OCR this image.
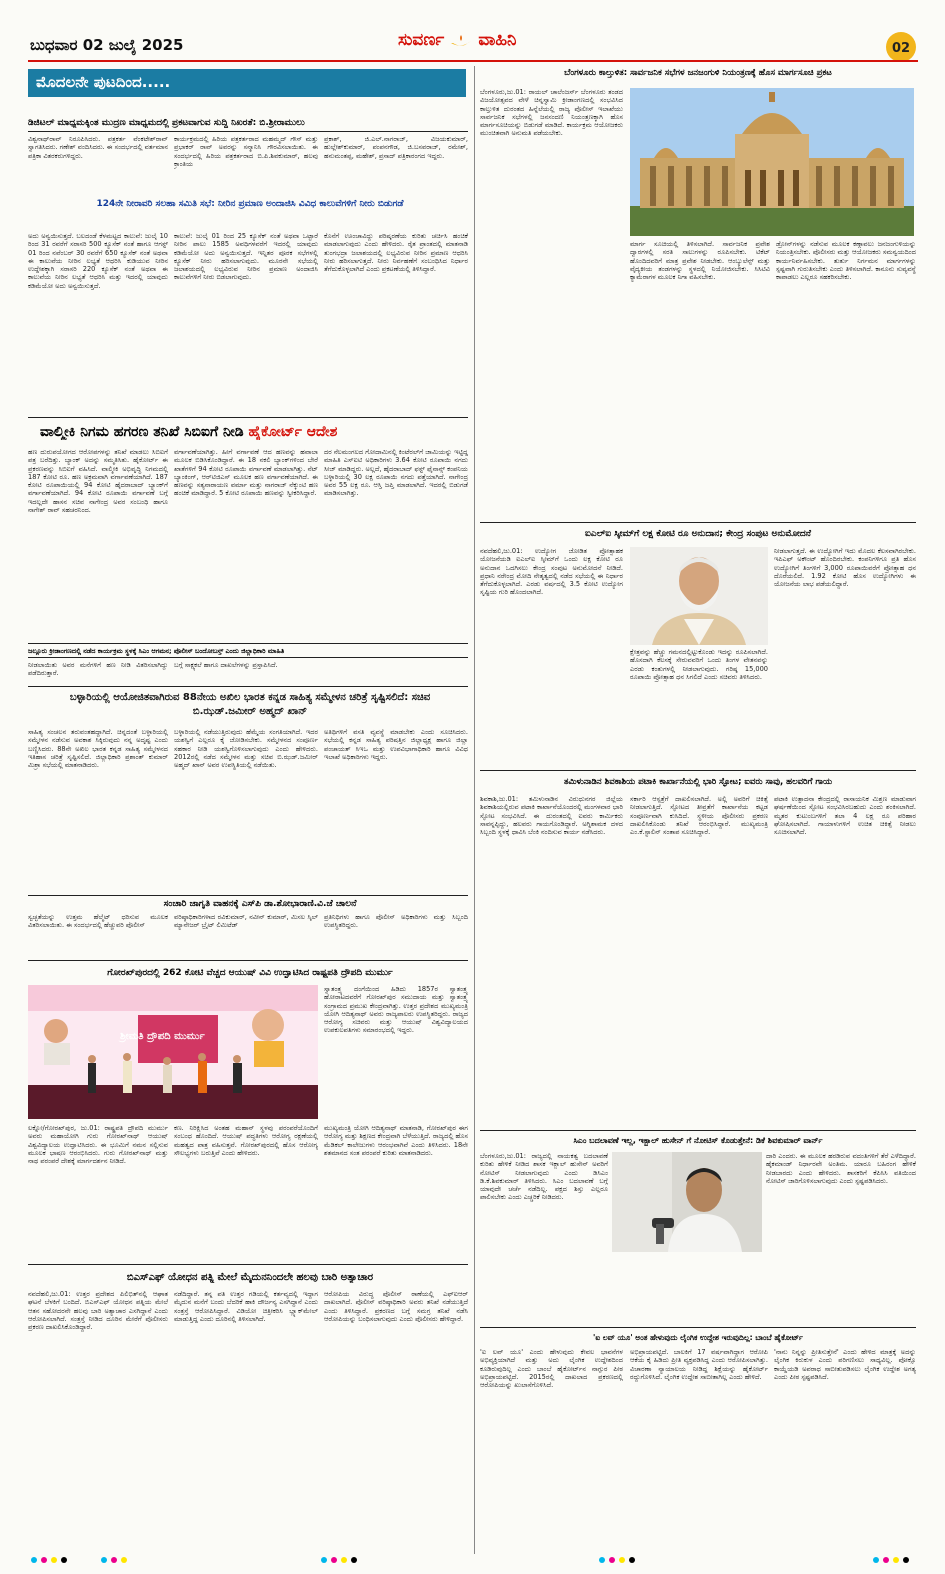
ಬುಧವಾರ 02 ಜುಲೈ 2025	ಸುವರ್ಣ ವಾಹಿನಿ	02
ಮೊದಲನೇ ಪುಟದಿಂದ.....
ಡಿಜಿಟಲ್ ಮಾಧ್ಯಮಕ್ಕಿಂತ ಮುದ್ರಣ ಮಾಧ್ಯಮದಲ್ಲಿ ಪ್ರಕಟವಾಗುವ ಸುದ್ದಿ ನಿಖರತೆ: ಬಿ.ಶ್ರೀರಾಮುಲು
ವಿಶ್ವನಾಥ್‌ರಾವ್ ನಿರೂಪಿಸಿದರು. ಪತ್ರಕರ್ತ ವೆಂಕಟೇಶ್‌ರಾವ್ ಸ್ವಾಗತಿಸಿದರು. ಗಣೇಶ್ ವಂದಿಸಿದರು. ಈ ಸಂದರ್ಭದಲ್ಲಿ ವರ್ತಮಾನ ಪತ್ರಿಕಾ ವಿತರಕರುಗಳಿದ್ದರು.
ಕಾರ್ಯಕ್ರಮದಲ್ಲಿ ಹಿರಿಯ ಪತ್ರಕರ್ತರಾದ ಮಹಮ್ಮದ್ ಗೌಸ್ ಮತ್ತು ಪ್ರಭಾಕರ್ ರಾವ್ ಅವರನ್ನು ಸನ್ಮಾನಿಸಿ ಗೌರವಿಸಲಾಯಿತು. ಈ ಸಂದರ್ಭದಲ್ಲಿ ಹಿರಿಯ ಪತ್ರಕರ್ತರಾದ ಬಿ.ಪಿ.ಶಿವಕುಮಾರ್, ಹಲವು ಕ್ರಾಂತಿಯ
ಪ್ರಕಾಶ್, ಜಿ.ಎಲ್.ನಾಗರಾಜ್, ವಿಜಯಕುಮಾರ್, ಹುಲ್ಲೇಶ್‌ಕುಮಾರ್, ಪಂಪನಗೌಡ, ಜಿ.ಬಸವರಾಜ್, ರಮೇಶ್, ಹನುಮಂತಪ್ಪ, ಮಹೇಶ್, ಪ್ರಸಾದ್ ಪತ್ರಿಕಾರಂಗದ ಇದ್ದರು.
124ನೇ ನೀರಾವರಿ ಸಲಹಾ ಸಮಿತಿ ಸಭೆ: ನೀರಿನ ಪ್ರಮಾಣ ಅಂದಾಜಿಸಿ ವಿವಿಧ ಕಾಲುವೆಗಳಿಗೆ ನೀರು ಬಿಡುಗಡೆ
ಅದು ಅನ್ವಯಿಸುತ್ತದೆ. ಬಲದಂಡೆ ಕೆಳಮಟ್ಟದ ಕಾಲುವೆ: ಜುಲೈ 10 ರಿಂದ 31 ರವರೆಗೆ ಸರಾಸರಿ 500 ಕ್ಯೂಸೆಕ್ ನಂತೆ ಹಾಗೂ ಆಗಸ್ಟ್ 01 ರಿಂದ ನವೆಂಬರ್ 30 ರವರೆಗೆ 650 ಕ್ಯೂಸೆಕ್ ನಂತೆ ಅಥವಾ ಈ ಕಾಲುವೆಯ ನೀರಿನ ಲಭ್ಯತೆ ಆಧರಿಸಿ ಕುಡಿಯುವ ನೀರಿನ ಉದ್ದೇಶಕ್ಕಾಗಿ ಸರಾಸರಿ 220 ಕ್ಯೂಸೆಕ್ ನಂತೆ ಅಥವಾ ಈ ಕಾಲುವೆಯ ನೀರಿನ ಲಭ್ಯತೆ ಆಧರಿಸಿ ಮತ್ತು ಇದರಲ್ಲಿ ಯಾವುದು ಕಡಿಮೆಯೋ ಅದು ಅನ್ವಯಿಸುತ್ತದೆ.
ಕಾಲುವೆ: ಜುಲೈ 01 ರಿಂದ 25 ಕ್ಯೂಸೆಕ್ ನಂತೆ ಅಥವಾ ಒಟ್ಟಾರೆ ನೀರಿನ ಪಾಲು 1585 ಅವಧಿಗಳವರೆಗೆ ಇದರಲ್ಲಿ ಯಾವುದು ಕಡಿಮೆಯೋ ಅದು ಅನ್ವಯಿಸುತ್ತದೆ. ಇನ್ನಿತರ ಪೂರಕ ಸಭೆಗಳಲ್ಲಿ ಕ್ಯೂಸೆಕ್ ನೀರು ಹರಿಸಲಾಗುವುದು. ಮೂರನೇ ಸಭೆಯಲ್ಲಿ ಜಲಾಶಯದಲ್ಲಿ ಲಭ್ಯವಿರುವ ನೀರಿನ ಪ್ರಮಾಣ ಅಂದಾಜಿಸಿ ಕಾಲುವೆಗಳಿಗೆ ನೀರು ಬಿಡಲಾಗುವುದು.
ಕೊನೆಗೆ ಊಂಚಾವಿದ್ದು ಪರಿಷ್ಕರಣೆಯ ಕುರಿತು ಚರ್ಚಿಸಿ ಹಂಚಿಕೆ ಮಾಡಲಾಗುವುದು ಎಂದು ಹೇಳಿದರು. ರೈತ ಪ್ರಾಂತದಲ್ಲಿ ಮಾತನಾಡಿ ತುಂಗಭದ್ರಾ ಜಲಾಶಯದಲ್ಲಿ ಲಭ್ಯವಿರುವ ನೀರಿನ ಪ್ರಮಾಣ ಆಧರಿಸಿ ನೀರು ಹರಿಸಲಾಗುತ್ತದೆ. ನೀರು ನಿರ್ವಹಣೆಗೆ ಸಂಬಂಧಿಸಿದ ನಿರ್ಧಾರ ತೆಗೆದುಕೊಳ್ಳಲಾಗಿದೆ ಎಂದು ಪ್ರಕಟಣೆಯಲ್ಲಿ ತಿಳಿಸಿದ್ದಾರೆ.
ವಾಲ್ಮೀಕಿ ನಿಗಮ ಹಗರಣ ತನಿಖೆ ಸಿಬಿಐಗೆ ನೀಡಿ ಹೈಕೋರ್ಟ್ ಆದೇಶ
ಹಣ ದುರುಪಯೋಗದ ಆರೋಪಗಳನ್ನು ತನಿಖೆ ಮಾಡಲು ಸಿಬಿಐಗೆ ಪತ್ರ ಬರೆದಿತ್ತು. ಬ್ಯಾಂಕ್ ಅದನ್ನು ಸಮ್ಮತಿಸಿತು. ಹೈಕೋರ್ಟ್ ಈ ಪ್ರಕರಣವನ್ನು ಸಿಬಿಐಗೆ ವಹಿಸಿದೆ. ವಾಲ್ಮೀಕಿ ಅಭಿವೃದ್ಧಿ ನಿಗಮದಲ್ಲಿ 187 ಕೋಟಿ ರೂ. ಹಣ ಅಕ್ರಮವಾಗಿ ವರ್ಗಾವಣೆಯಾಗಿದೆ. 187 ಕೋಟಿ ರೂಪಾಯಿಯಲ್ಲಿ 94 ಕೋಟಿ ಹೈದರಾಬಾದ್ ಬ್ಯಾಂಕ್‌ಗೆ ವರ್ಗಾವಣೆಯಾಗಿದೆ. 94 ಕೋಟಿ ರೂಪಾಯಿ ವರ್ಗಾವಣೆ ಬಗ್ಗೆ ಇದಲ್ಲದೇ ಹಾಸನ ಸಚಿವ ನಾಗೇಂದ್ರ ಅವರ ಸಂಬಂಧಿ ಹಾಗೂ ನಾಗೇಶ್ ರಾವ್ ಸಹಚರನಿಂದ.
ವರ್ಗಾವಣೆಯಾಗಿತ್ತು. ಹೀಗೆ ವರ್ಗಾವಣೆ ಆದ ಹಣವನ್ನು ಹವಾಲಾ ಮೂಲಕ ಬಿಡಿಸಿಕೊಂಡಿದ್ದಾರೆ. ಈ 18 ನಕಲಿ ಬ್ಯಾಂಕ್‌ಗಳಿಂದ ಬೇರೆ ಖಾತೆಗಳಿಗೆ 94 ಕೋಟಿ ರೂಪಾಯಿ ವರ್ಗಾವಣೆ ಮಾಡಲಾಗಿತ್ತು. ನೆಟ್ ಬ್ಯಾಂಕಿಂಗ್, ಆರ್‌ಟಿಜಿಎಸ್ ಮೂಲಕ ಹಣ ವರ್ಗಾವಣೆಯಾಗಿದೆ. ಈ ಹಣವನ್ನು ಸತ್ಯನಾರಾಯಣ ವರ್ಮಾ ಮತ್ತು ನಾಗರಾಜ್ ನೆಕ್ಕುಂಟಿ ಹಣ ಹಂಚಿಕೆ ಮಾಡಿದ್ದಾರೆ. 5 ಕೋಟಿ ರೂಪಾಯಿ ಹಣವನ್ನು ಸ್ವೀಕರಿಸಿದ್ದಾರೆ.
ದರ ನೆಲಮಂಗಲದ ಗೋದಾಮಿನಲ್ಲಿ ಕಿಂಟೆರಲ್‌ಗೆ ಜಾಮಿಯನ್ನು ಇಟ್ಟಿದ್ದ ಮಾಹಿತಿ ಎಸ್‌ಐಟಿ ಅಧಿಕಾರಿಗಳು 3.64 ಕೋಟಿ ರೂಪಾಯಿ ನಗದು ಸೀಜ್ ಮಾಡಿದ್ದರು. ಅಲ್ಲದೆ, ಹೈದರಾಬಾದ್ ಫಸ್ಟ್ ಫೈನಾನ್ಸ್ ಕಂಪನಿಯ ಬಳ್ಳಾರಿಯಲ್ಲಿ 30 ಲಕ್ಷ ರೂಪಾಯಿ ನಗದು ಪತ್ತೆಯಾಗಿದೆ. ನಾಗೇಂದ್ರ ಅವರ 55 ಲಕ್ಷ ರೂ. ಆಸ್ತಿ ಜಪ್ತಿ ಮಾಡಲಾಗಿದೆ. ಇದರಲ್ಲಿ ಬಿಡುಗಡೆ ಮಾಡಿಸಲಾಗಿತ್ತು.
ಜಲ್ಲೂರು ಕ್ರೀಡಾಂಗಣದಲ್ಲಿ ನಡೆದ ಕಾರ್ಯಕ್ರಮ ಸ್ಥಳಕ್ಕೆ ಸಿಎಂ ಆಗಮನ; ಪೊಲೀಸ್ ಬಂದೋಬಸ್ತ್ ಎಂದು ಜಿಲ್ಲಾಧಿಕಾರಿ ಮಾಹಿತಿ
ನೀಡಲಾಯಿತು ಅವರ ಮನೆಗಳಿಗೆ ಹಣ ನೀಡಿ ವಿತರಿಸಲಾಗಿದ್ದು ಪಡೆದಿರುತ್ತಾರೆ.
ಬಗ್ಗೆ ಸಾಕ್ಷ್ಯಕಲೆ ಹಾಗೂ ದಾಖಲೆಗಳನ್ನು ಪ್ರಸ್ತಾಪಿಸಿದೆ.
ಬಳ್ಳಾರಿಯಲ್ಲಿ ಆಯೋಜಿತವಾಗಿರುವ 88ನೇಯ ಅಖಿಲ ಭಾರತ ಕನ್ನಡ ಸಾಹಿತ್ಯ ಸಮ್ಮೇಳನ ಚರಿತ್ರೆ ಸೃಷ್ಟಿಸಲಿದೆ: ಸಚಿವ ಬಿ.ಝಡ್.ಜಮೀರ್ ಅಹ್ಮದ್ ಖಾನ್
ಸಾಹಿತ್ಯ ಸಂಚಲನ ತರುವಂತಹದ್ದಾಗಿದೆ. ಚಿನ್ನದಂತೆ ಬಳ್ಳಾರಿಯಲ್ಲಿ ಸಮ್ಮೇಳನ ನಡೆಸುವ ಅವಕಾಶ ಸಿಕ್ಕಿರುವುದು ನನ್ನ ಅದೃಷ್ಟ ಎಂದು ಬಣ್ಣಿಸಿದರು. 88ನೇ ಅಖಿಲ ಭಾರತ ಕನ್ನಡ ಸಾಹಿತ್ಯ ಸಮ್ಮೇಳನದ ಇತಿಹಾಸ ಚರಿತ್ರೆ ಸೃಷ್ಟಿಸಲಿದೆ. ಜಿಲ್ಲಾಧಿಕಾರಿ ಪ್ರಶಾಂತ್ ಕುಮಾರ್ ಮಿಶ್ರಾ ಸಭೆಯಲ್ಲಿ ಮಾತನಾಡಿದರು.
ಬಳ್ಳಾರಿಯಲ್ಲಿ ನಡೆಯುತ್ತಿರುವುದು ಹೆಮ್ಮೆಯ ಸಂಗತಿಯಾಗಿದೆ. ಇದರ ಯಶಸ್ವಿಗೆ ಎಲ್ಲರೂ ಕೈ ಜೋಡಿಸಬೇಕು. ಸಮ್ಮೇಳನದ ಸಂಪೂರ್ಣ ಸಹಕಾರ ನೀಡಿ ಯಶಸ್ವಿಗೊಳಿಸಲಾಗುವುದು ಎಂದು ಹೇಳಿದರು. 2012ರಲ್ಲಿ ನಡೆದ ಸಮ್ಮೇಳನ ಮತ್ತು ಸಚಿವ ಬಿ.ಝಡ್.ಜಮೀರ್ ಅಹ್ಮದ್ ಖಾನ್ ಅವರ ಉಪಸ್ಥಿತಿಯಲ್ಲಿ ನಡೆಯಿತು.
ಅತಿಥಿಗಳಿಗೆ ವಸತಿ ವ್ಯವಸ್ಥೆ ಮಾಡಬೇಕು ಎಂದು ಸೂಚಿಸಿದರು. ಸಭೆಯಲ್ಲಿ ಕನ್ನಡ ಸಾಹಿತ್ಯ ಪರಿಷತ್ತಿನ ಜಿಲ್ಲಾಧ್ಯಕ್ಷ ಹಾಗೂ ಜಿಲ್ಲಾ ಪಂಚಾಯತ್ ಸಿಇಒ ಮತ್ತು ಉಪವಿಭಾಗಾಧಿಕಾರಿ ಹಾಗೂ ವಿವಿಧ ಇಲಾಖೆ ಅಧಿಕಾರಿಗಳು ಇದ್ದರು.
ಸಂಚಾರಿ ಜಾಗೃತಿ ವಾಹನಕ್ಕೆ ಎಸ್‌ಪಿ ಡಾ.ಶೋಭಾರಾಣಿ.ವಿ.ಜೆ ಚಾಲನೆ
ಸ್ವಚ್ಛತೆಯನ್ನು ಉತ್ತಮ ಹೆಲ್ಮೆಟ್ ಧರಿಸುವ ಮೂಲಕ ವಿತರಿಸಲಾಯಿತು. ಈ ಸಂದರ್ಭದಲ್ಲಿ ಹೆಚ್ಚುವರಿ ಪೊಲೀಸ್
ವರಿಷ್ಠಾಧಿಕಾರಿಗಳಾದ ರವಿಕುಮಾರ್, ನವೀನ್ ಕುಮಾರ್, ಮಿಸಲ ಸ್ಕಿಲ್ ಮ್ಯಾನೇಜರ್ ಬ್ರೈಟ್ ಲಿಮಿಟೆಡ್
ಪ್ರತಿನಿಧಿಗಳು ಹಾಗೂ ಪೊಲೀಸ್ ಅಧಿಕಾರಿಗಳು ಮತ್ತು ಸಿಬ್ಬಂದಿ ಉಪಸ್ಥಿತರಿದ್ದರು.
ಗೋರಖ್‌ಪುರದಲ್ಲಿ 262 ಕೋಟಿ ವೆಚ್ಚದ ಆಯುಷ್ ವಿವಿ ಉದ್ಘಾಟಿಸಿದ ರಾಷ್ಟ್ರಪತಿ ದ್ರೌಪದಿ ಮುರ್ಮು
ಶ್ರೀಮತಿ ದ್ರೌಪದಿ ಮುರ್ಮು
ಸ್ವಾತಂತ್ರ್ಯ ದಂಗೆಯಿಂದ ಹಿಡಿದು 1857ರ ಸ್ವಾತಂತ್ರ್ಯ ಹೋರಾಟದವರೆಗೆ ಗೋರಖ್‌ಪುರ ಸಮುದಾಯ ಮತ್ತು ಸ್ವಾತಂತ್ರ್ಯ ಸಂಗ್ರಾಮದ ಪ್ರಮುಖ ಕೇಂದ್ರವಾಗಿತ್ತು. ಉತ್ತರ ಪ್ರದೇಶದ ಮುಖ್ಯಮಂತ್ರಿ ಯೋಗಿ ಆದಿತ್ಯನಾಥ್ ಅವರು ರಾಜ್ಯಪಾಲರು ಉಪಸ್ಥಿತರಿದ್ದರು. ರಾಜ್ಯದ ಆರೋಗ್ಯ ಸಚಿವರು ಮತ್ತು ಆಯುಷ್ ವಿಶ್ವವಿದ್ಯಾಲಯದ ಉಪಕುಲಪತಿಗಳು ಸಮಾರಂಭದಲ್ಲಿ ಇದ್ದರು.
ಲಕ್ನೋ/ಗೋರಖ್‌ಪುರ, ಜು.01: ರಾಷ್ಟ್ರಪತಿ ದ್ರೌಪದಿ ಮುರ್ಮು ಅವರು ಮಹಾಯೋಗಿ ಗುರು ಗೋರಖ್‌ನಾಥ್ ಆಯುಷ್ ವಿಶ್ವವಿದ್ಯಾಲಯ ಉದ್ಘಾಟಿಸಿದರು. ಈ ಭೂಮಿಗೆ ನಮನ ಸಲ್ಲಿಸುವ ಮೂಲಕ ಭಾಷಣ ಆರಂಭಿಸಿದರು. ಗುರು ಗೋರಖ್‌ನಾಥ್ ಮತ್ತು ನಾಥ ಪರಂಪರೆ ದೇಶಕ್ಕೆ ಮಾರ್ಗದರ್ಶನ ನೀಡಿದೆ.
ಕಣ. ನಿರಿಕ್ಷಿಸಿದ ಅಂತಹ ಮಹಾನ್ ಸ್ಥಳವು ಪರಂಪರೆಯೊಂದಿಗೆ ಸಂಬಂಧ ಹೊಂದಿದೆ. ಆಯುಷ್ ಪದ್ಧತಿಗಳು ಆರೋಗ್ಯ ರಕ್ಷಣೆಯಲ್ಲಿ ಮಹತ್ವದ ಪಾತ್ರ ವಹಿಸುತ್ತವೆ. ಗೋರಖ್‌ಪುರದಲ್ಲಿ ಹೊಸ ಆರೋಗ್ಯ ಸೌಲಭ್ಯಗಳು ಬರುತ್ತಿವೆ ಎಂದು ಹೇಳಿದರು.
ಮುಖ್ಯಮಂತ್ರಿ ಯೋಗಿ ಆದಿತ್ಯನಾಥ್ ಮಾತನಾಡಿ, ಗೋರಖ್‌ಪುರ ಈಗ ಆರೋಗ್ಯ ಮತ್ತು ಶಿಕ್ಷಣದ ಕೇಂದ್ರವಾಗಿ ಬೆಳೆಯುತ್ತಿದೆ. ರಾಜ್ಯದಲ್ಲಿ ಹೊಸ ಮೆಡಿಕಲ್ ಕಾಲೇಜುಗಳು ಆರಂಭವಾಗಿವೆ ಎಂದು ತಿಳಿಸಿದರು. 18ನೇ ಶತಮಾನದ ಸಂತ ಪರಂಪರೆ ಕುರಿತು ಮಾತನಾಡಿದರು.
ಬಿಎಸ್‌ಎಫ್ ಯೋಧನ ಪತ್ನಿ ಮೇಲೆ ಮೈದುನನಿಂದಲೇ ಹಲವು ಬಾರಿ ಅತ್ಯಾಚಾರ
ನವದೆಹಲಿ,ಜು.01: ಉತ್ತರ ಪ್ರದೇಶದ ಪಿಲಿಭಿತ್‌ನಲ್ಲಿ ಆಘಾತ ಘಟನೆ ಬೆಳಕಿಗೆ ಬಂದಿದೆ. ಬಿಎಸ್‌ಎಫ್ ಯೋಧನ ಪತ್ನಿಯ ಮೇಲೆ ಆತನ ಸಹೋದರನೇ ಹಲವು ಬಾರಿ ಅತ್ಯಾಚಾರ ಎಸಗಿದ್ದಾನೆ ಎಂದು ಆರೋಪಿಸಲಾಗಿದೆ. ಸಂತ್ರಸ್ತೆ ನೀಡಿದ ದೂರಿನ ಮೇರೆಗೆ ಪೊಲೀಸರು ಪ್ರಕರಣ ದಾಖಲಿಸಿಕೊಂಡಿದ್ದಾರೆ.
ನಡೆದಿದ್ದಾರೆ. ತನ್ನ ಪತಿ ಉತ್ತರ ಗಡಿಯಲ್ಲಿ ಕರ್ತವ್ಯದಲ್ಲಿ ಇದ್ದಾಗ ಮೈದುನ ಮನೆಗೆ ಬಂದು ಬೆದರಿಕೆ ಹಾಕಿ ದೌರ್ಜನ್ಯ ಎಸಗಿದ್ದಾನೆ ಎಂದು ಸಂತ್ರಸ್ತೆ ಆರೋಪಿಸಿದ್ದಾರೆ. ವಿಡಿಯೋ ಚಿತ್ರೀಕರಿಸಿ ಬ್ಲ್ಯಾಕ್‌ಮೇಲ್ ಮಾಡುತ್ತಿದ್ದ ಎಂದು ದೂರಿನಲ್ಲಿ ತಿಳಿಸಲಾಗಿದೆ.
ಆರೋಪಿಯ ವಿರುದ್ಧ ಪೊಲೀಸ್ ಠಾಣೆಯಲ್ಲಿ ಎಫ್‌ಐಆರ್ ದಾಖಲಾಗಿದೆ. ಪೊಲೀಸ್ ವರಿಷ್ಠಾಧಿಕಾರಿ ಅವರು ತನಿಖೆ ನಡೆಯುತ್ತಿದೆ ಎಂದು ತಿಳಿಸಿದ್ದಾರೆ. ಪ್ರಕರಣದ ಬಗ್ಗೆ ಸಮಗ್ರ ತನಿಖೆ ನಡೆಸಿ ಆರೋಪಿಯನ್ನು ಬಂಧಿಸಲಾಗುವುದು ಎಂದು ಪೊಲೀಸರು ಹೇಳಿದ್ದಾರೆ.
ಬೆಂಗಳೂರು ಕಾಲ್ತುಳಿತ: ಸಾರ್ವಜನಿಕ ಸಭೆಗಳ ಜನಜಂಗುಳಿ ನಿಯಂತ್ರಣಕ್ಕೆ ಹೊಸ ಮಾರ್ಗಸೂಚಿ ಪ್ರಕಟ
ಬೆಂಗಳೂರು,ಜು.01: ರಾಯಲ್ ಚಾಲೆಂಜರ್ಸ್ ಬೆಂಗಳೂರು ತಂಡದ ವಿಜಯೋತ್ಸವದ ವೇಳೆ ಚಿನ್ನಸ್ವಾಮಿ ಕ್ರೀಡಾಂಗಣದಲ್ಲಿ ಸಂಭವಿಸಿದ ಕಾಲ್ತುಳಿತ ದುರಂತದ ಹಿನ್ನೆಲೆಯಲ್ಲಿ ರಾಜ್ಯ ಪೊಲೀಸ್ ಇಲಾಖೆಯು ಸಾರ್ವಜನಿಕ ಸಭೆಗಳಲ್ಲಿ ಜನಸಂದಣಿ ನಿಯಂತ್ರಣಕ್ಕಾಗಿ ಹೊಸ ಮಾರ್ಗಸೂಚಿಯನ್ನು ಬಿಡುಗಡೆ ಮಾಡಿದೆ. ಕಾರ್ಯಕ್ರಮ ಆಯೋಜಕರು ಮುಂಚಿತವಾಗಿ ಅನುಮತಿ ಪಡೆಯಬೇಕು.
ಮಾರ್ಗ ಸೂಚಿಯಲ್ಲಿ ತಿಳಿಸಲಾಗಿದೆ. ಸಾರ್ವಜನಿಕ ಪ್ರವೇಶ ದ್ವಾರಗಳಲ್ಲಿ ಸರತಿ ಸಾಲುಗಳನ್ನು ರೂಪಿಸಬೇಕು. ಟಿಕೆಟ್ ಹೊಂದಿದವರಿಗೆ ಮಾತ್ರ ಪ್ರವೇಶ ನೀಡಬೇಕು. ಆಂಬ್ಯುಲೆನ್ಸ್ ಮತ್ತು ವೈದ್ಯಕೀಯ ತಂಡಗಳನ್ನು ಸ್ಥಳದಲ್ಲಿ ನಿಯೋಜಿಸಬೇಕು. ಸಿಸಿಟಿವಿ ಕ್ಯಾಮೆರಾಗಳ ಮೂಲಕ ನಿಗಾ ವಹಿಸಬೇಕು.
ಡ್ರೋನ್‌ಗಳನ್ನು ನಡೆಸುವ ಮೂಲಕ ಕಣ್ಗಾವಲು ಜನಜಂಗುಳಿಯನ್ನು ನಿಯಂತ್ರಿಸಬೇಕು. ಪೊಲೀಸರು ಮತ್ತು ಆಯೋಜಕರು ಸಮನ್ವಯದಿಂದ ಕಾರ್ಯನಿರ್ವಹಿಸಬೇಕು. ತುರ್ತು ನಿರ್ಗಮನ ಮಾರ್ಗಗಳನ್ನು ಸ್ಪಷ್ಟವಾಗಿ ಗುರುತಿಸಬೇಕು ಎಂದು ತಿಳಿಸಲಾಗಿದೆ. ಕಾನೂನು ಸುವ್ಯವಸ್ಥೆ ಕಾಪಾಡಲು ಎಲ್ಲರೂ ಸಹಕರಿಸಬೇಕು.
ಐಎಲ್‌ಐ ಸ್ಕೀಮ್‌ಗೆ ಲಕ್ಷ ಕೋಟಿ ರೂ ಅನುದಾನ; ಕೇಂದ್ರ ಸಂಪುಟ ಅನುಮೋದನೆ
ನವದೆಹಲಿ,ಜು.01: ಉದ್ಯೋಗ ಜೋಡಿತ ಪ್ರೋತ್ಸಾಹಕ ಯೋಜನೆಯಡಿ ಐಎಲ್‌ಐ ಸ್ಕೀಮ್‌ಗೆ ಒಂದು ಲಕ್ಷ ಕೋಟಿ ರೂ ಅನುದಾನ ಒದಗಿಸಲು ಕೇಂದ್ರ ಸಂಪುಟ ಅನುಮೋದನೆ ನೀಡಿದೆ. ಪ್ರಧಾನಿ ನರೇಂದ್ರ ಮೋದಿ ನೇತೃತ್ವದಲ್ಲಿ ನಡೆದ ಸಭೆಯಲ್ಲಿ ಈ ನಿರ್ಧಾರ ತೆಗೆದುಕೊಳ್ಳಲಾಗಿದೆ. ಎರಡು ವರ್ಷದಲ್ಲಿ 3.5 ಕೋಟಿ ಉದ್ಯೋಗ ಸೃಷ್ಟಿಯ ಗುರಿ ಹೊಂದಲಾಗಿದೆ.
ಕ್ಷೇತ್ರವನ್ನು ಹೆಚ್ಚು ಗಮನದಲ್ಲಿಟ್ಟುಕೊಂಡು ಇದನ್ನು ರೂಪಿಸಲಾಗಿದೆ. ಹೊಸದಾಗಿ ಕೆಲಸಕ್ಕೆ ಸೇರುವವರಿಗೆ ಒಂದು ತಿಂಗಳ ವೇತನವನ್ನು ಎರಡು ಕಂತುಗಳಲ್ಲಿ ನೀಡಲಾಗುವುದು. ಗರಿಷ್ಠ 15,000 ರೂಪಾಯಿ ಪ್ರೋತ್ಸಾಹ ಧನ ಸಿಗಲಿದೆ ಎಂದು ಸಚಿವರು ತಿಳಿಸಿದರು.
ನೀಡಲಾಗುತ್ತದೆ. ಈ ಉದ್ಯೋಗಿಗೆ ಇದು ಮೊದಲ ಕೆಲಸವಾಗಿರಬೇಕು. ಇಪಿಎಫ್ ಅಕೌಂಟ್ ಹೊಂದಿರಬೇಕು. ಕಂಪನಿಗಳಿಗೂ ಪ್ರತಿ ಹೊಸ ಉದ್ಯೋಗಿಗೆ ತಿಂಗಳಿಗೆ 3,000 ರೂಪಾಯಿವರೆಗೆ ಪ್ರೋತ್ಸಾಹ ಧನ ದೊರೆಯಲಿದೆ. 1.92 ಕೋಟಿ ಹೊಸ ಉದ್ಯೋಗಿಗಳು ಈ ಯೋಜನೆಯ ಲಾಭ ಪಡೆಯಲಿದ್ದಾರೆ.
ತಮಿಳುನಾಡಿನ ಶಿವಕಾಶಿಯ ಪಟಾಕಿ ಕಾರ್ಖಾನೆಯಲ್ಲಿ ಭಾರಿ ಸ್ಫೋಟ; ಐವರು ಸಾವು, ಹಲವರಿಗೆ ಗಾಯ
ಶಿವಕಾಶಿ,ಜು.01: ತಮಿಳುನಾಡಿನ ವಿರುಧುನಗರ ಜಿಲ್ಲೆಯ ಶಿವಕಾಶಿಯಲ್ಲಿರುವ ಪಟಾಕಿ ಕಾರ್ಖಾನೆಯೊಂದರಲ್ಲಿ ಮಂಗಳವಾರ ಭಾರಿ ಸ್ಫೋಟ ಸಂಭವಿಸಿದೆ. ಈ ದುರಂತದಲ್ಲಿ ಐವರು ಕಾರ್ಮಿಕರು ಸಾವನ್ನಪ್ಪಿದ್ದು, ಹಲವರು ಗಾಯಗೊಂಡಿದ್ದಾರೆ. ಅಗ್ನಿಶಾಮಕ ದಳದ ಸಿಬ್ಬಂದಿ ಸ್ಥಳಕ್ಕೆ ಧಾವಿಸಿ ಬೆಂಕಿ ನಂದಿಸುವ ಕಾರ್ಯ ನಡೆಸಿದರು.
ಸರ್ಕಾರಿ ಆಸ್ಪತ್ರೆಗೆ ದಾಖಲಿಸಲಾಗಿದೆ. ಅಲ್ಲಿ ಅವರಿಗೆ ಚಿಕಿತ್ಸೆ ನೀಡಲಾಗುತ್ತಿದೆ. ಸ್ಫೋಟದ ತೀವ್ರತೆಗೆ ಕಾರ್ಖಾನೆಯ ಕಟ್ಟಡ ಸಂಪೂರ್ಣವಾಗಿ ಕುಸಿದಿದೆ. ಸ್ಥಳೀಯ ಪೊಲೀಸರು ಪ್ರಕರಣ ದಾಖಲಿಸಿಕೊಂಡು ತನಿಖೆ ಆರಂಭಿಸಿದ್ದಾರೆ. ಮುಖ್ಯಮಂತ್ರಿ ಎಂ.ಕೆ.ಸ್ಟಾಲಿನ್ ಸಂತಾಪ ಸೂಚಿಸಿದ್ದಾರೆ.
ಪಟಾಕಿ ಉತ್ಪಾದನಾ ಕೇಂದ್ರದಲ್ಲಿ ರಾಸಾಯನಿಕ ಮಿಶ್ರಣ ಮಾಡುವಾಗ ಘರ್ಷಣೆಯಿಂದ ಸ್ಫೋಟ ಸಂಭವಿಸಿರಬಹುದು ಎಂದು ಶಂಕಿಸಲಾಗಿದೆ. ಮೃತರ ಕುಟುಂಬಗಳಿಗೆ ತಲಾ 4 ಲಕ್ಷ ರೂ ಪರಿಹಾರ ಘೋಷಿಸಲಾಗಿದೆ. ಗಾಯಾಳುಗಳಿಗೆ ಉಚಿತ ಚಿಕಿತ್ಸೆ ನೀಡಲು ಸೂಚಿಸಲಾಗಿದೆ.
ಸಿಎಂ ಬದಲಾವಣೆ ಇಲ್ಲ, ಇಕ್ಬಾಲ್ ಹುಸೇನ್ ಗೆ ನೋಟಿಸ್ ಕೊಡುತ್ತೇನೆ: ಡಿಕೆ ಶಿವಕುಮಾರ್ ವಾರ್ನ್
ಬೆಂಗಳೂರು,ಜು.01: ರಾಜ್ಯದಲ್ಲಿ ನಾಯಕತ್ವ ಬದಲಾವಣೆ ಕುರಿತು ಹೇಳಿಕೆ ನೀಡಿದ ಶಾಸಕ ಇಕ್ಬಾಲ್ ಹುಸೇನ್ ಅವರಿಗೆ ನೋಟಿಸ್ ನೀಡಲಾಗುವುದು ಎಂದು ಡಿಸಿಎಂ ಡಿ.ಕೆ.ಶಿವಕುಮಾರ್ ತಿಳಿಸಿದರು. ಸಿಎಂ ಬದಲಾವಣೆ ಬಗ್ಗೆ ಯಾವುದೇ ಚರ್ಚೆ ನಡೆದಿಲ್ಲ. ಪಕ್ಷದ ಶಿಸ್ತು ಎಲ್ಲರೂ ಪಾಲಿಸಬೇಕು ಎಂದು ಎಚ್ಚರಿಕೆ ನೀಡಿದರು.
ದಾರಿ ಎಂದರು. ಈ ಮೂಲಕ ಹರಡಿರುವ ವದಂತಿಗಳಿಗೆ ತೆರೆ ಎಳೆದಿದ್ದಾರೆ. ಹೈಕಮಾಂಡ್ ನಿರ್ಧಾರವೇ ಅಂತಿಮ. ಯಾರೂ ಬಹಿರಂಗ ಹೇಳಿಕೆ ನೀಡಬಾರದು ಎಂದು ಹೇಳಿದರು. ಶಾಸಕರಿಗೆ ಕೆಪಿಸಿಸಿ ವತಿಯಿಂದ ನೋಟಿಸ್ ಜಾರಿಗೊಳಿಸಲಾಗುವುದು ಎಂದು ಸ್ಪಷ್ಟಪಡಿಸಿದರು.
'ಐ ಲವ್ ಯೂ' ಅಂತ ಹೇಳುವುದು ಲೈಂಗಿಕ ಉದ್ದೇಶ ಇರುವುದಿಲ್ಲ: ಬಾಂಬೆ ಹೈಕೋರ್ಟ್
'ಐ ಲವ್ ಯೂ' ಎಂದು ಹೇಳುವುದು ಕೇವಲ ಭಾವನೆಗಳ ಅಭಿವ್ಯಕ್ತಿಯಾಗಿದೆ ಮತ್ತು ಅದು ಲೈಂಗಿಕ ಉದ್ದೇಶದಿಂದ ಕೂಡಿರುವುದಿಲ್ಲ ಎಂದು ಬಾಂಬೆ ಹೈಕೋರ್ಟ್‌ನ ನಾಗ್ಪುರ ಪೀಠ ಅಭಿಪ್ರಾಯಪಟ್ಟಿದೆ. 2015ರಲ್ಲಿ ದಾಖಲಾದ ಪ್ರಕರಣದಲ್ಲಿ ಆರೋಪಿಯನ್ನು ಖುಲಾಸೆಗೊಳಿಸಿದೆ.
ಅಭಿಪ್ರಾಯಪಟ್ಟಿದೆ. ಬಾಲಕಿಗೆ 17 ವರ್ಷವಾಗಿದ್ದಾಗ ಆರೋಪಿ ಆಕೆಯ ಕೈ ಹಿಡಿದು ಪ್ರೀತಿ ವ್ಯಕ್ತಪಡಿಸಿದ್ದ ಎಂದು ಆರೋಪಿಸಲಾಗಿತ್ತು. ವಿಚಾರಣಾ ನ್ಯಾಯಾಲಯ ನೀಡಿದ್ದ ಶಿಕ್ಷೆಯನ್ನು ಹೈಕೋರ್ಟ್ ರದ್ದುಗೊಳಿಸಿದೆ. ಲೈಂಗಿಕ ಉದ್ದೇಶ ಸಾಬೀತಾಗಿಲ್ಲ ಎಂದು ಹೇಳಿದೆ.
'ನಾನು ನಿನ್ನನ್ನು ಪ್ರೀತಿಸುತ್ತೇನೆ' ಎಂದು ಹೇಳಿದ ಮಾತ್ರಕ್ಕೆ ಅದನ್ನು ಲೈಂಗಿಕ ಕಿರುಕುಳ ಎಂದು ಪರಿಗಣಿಸಲು ಸಾಧ್ಯವಿಲ್ಲ. ಪೋಕ್ಸೊ ಕಾಯ್ದೆಯಡಿ ಅಪರಾಧ ಸಾಬೀತುಪಡಿಸಲು ಲೈಂಗಿಕ ಉದ್ದೇಶ ಅಗತ್ಯ ಎಂದು ಪೀಠ ಸ್ಪಷ್ಟಪಡಿಸಿದೆ.
